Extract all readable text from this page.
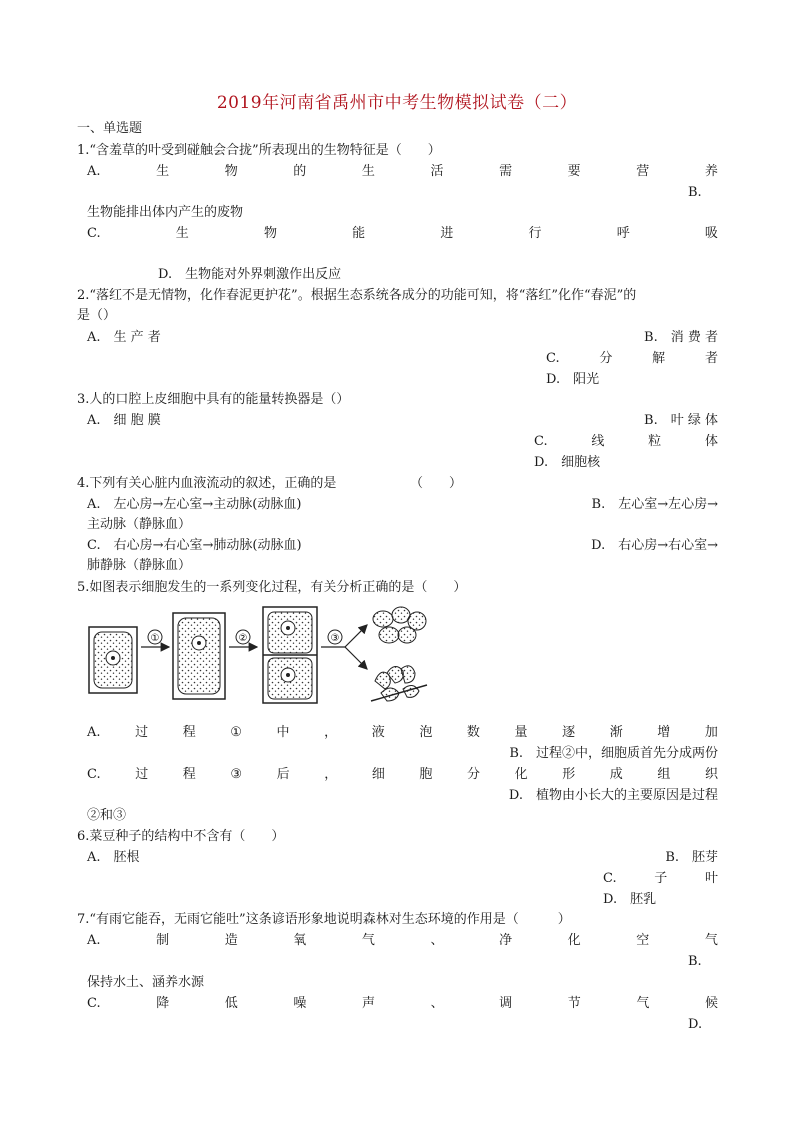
2019年河南省禹州市中考生物模拟试卷（二）
一、单选题
1.“含羞草的叶受到碰触会合拢”所表现出的生物特征是（　　）
A.	生	物	的	生	活	需	要	营	养
B.
生物能排出体内产生的废物
C.	生	物	能	进	行	呼	吸
D.　生物能对外界刺激作出反应
2.“落红不是无情物，化作春泥更护花”。根据生态系统各成分的功能可知，将“落红”化作“春泥”的
是（）
A.　生 产 者	B.　消 费 者
C.	分	解	者
D.　阳光
3.人的口腔上皮细胞中具有的能量转换器是（）
A.　细 胞 膜	B.　叶 绿 体
C.	线	粒	体
D.　细胞核
4.下列有关心脏内血液流动的叙述，正确的是	（　　）
A.　左心房→左心室→主动脉(动脉血)	B.　左心室→左心房→
主动脉（静脉血）
C.　右心房→右心室→肺动脉(动脉血)	D.　右心房→右心室→
肺静脉（静脉血）
5.如图表示细胞发生的一系列变化过程，有关分析正确的是（　　）
①	②	③
A.	过	程	①	中	，	液	泡	数	量	逐	渐	增	加
B.　过程②中，细胞质首先分成两份
C.	过	程	③	后	，	细	胞	分	化	形	成	组	织
D.　植物由小长大的主要原因是过程
②和③
6.菜豆种子的结构中不含有（　　）
A.　胚根	B.　胚芽
C.	子	叶
D.　胚乳
7.“有雨它能吞，无雨它能吐”这条谚语形象地说明森林对生态环境的作用是（　　　）
A.	制	造	氧	气	、	净	化	空	气
B.
保持水土、涵养水源
C.	降	低	噪	声	、	调	节	气	候
D.
